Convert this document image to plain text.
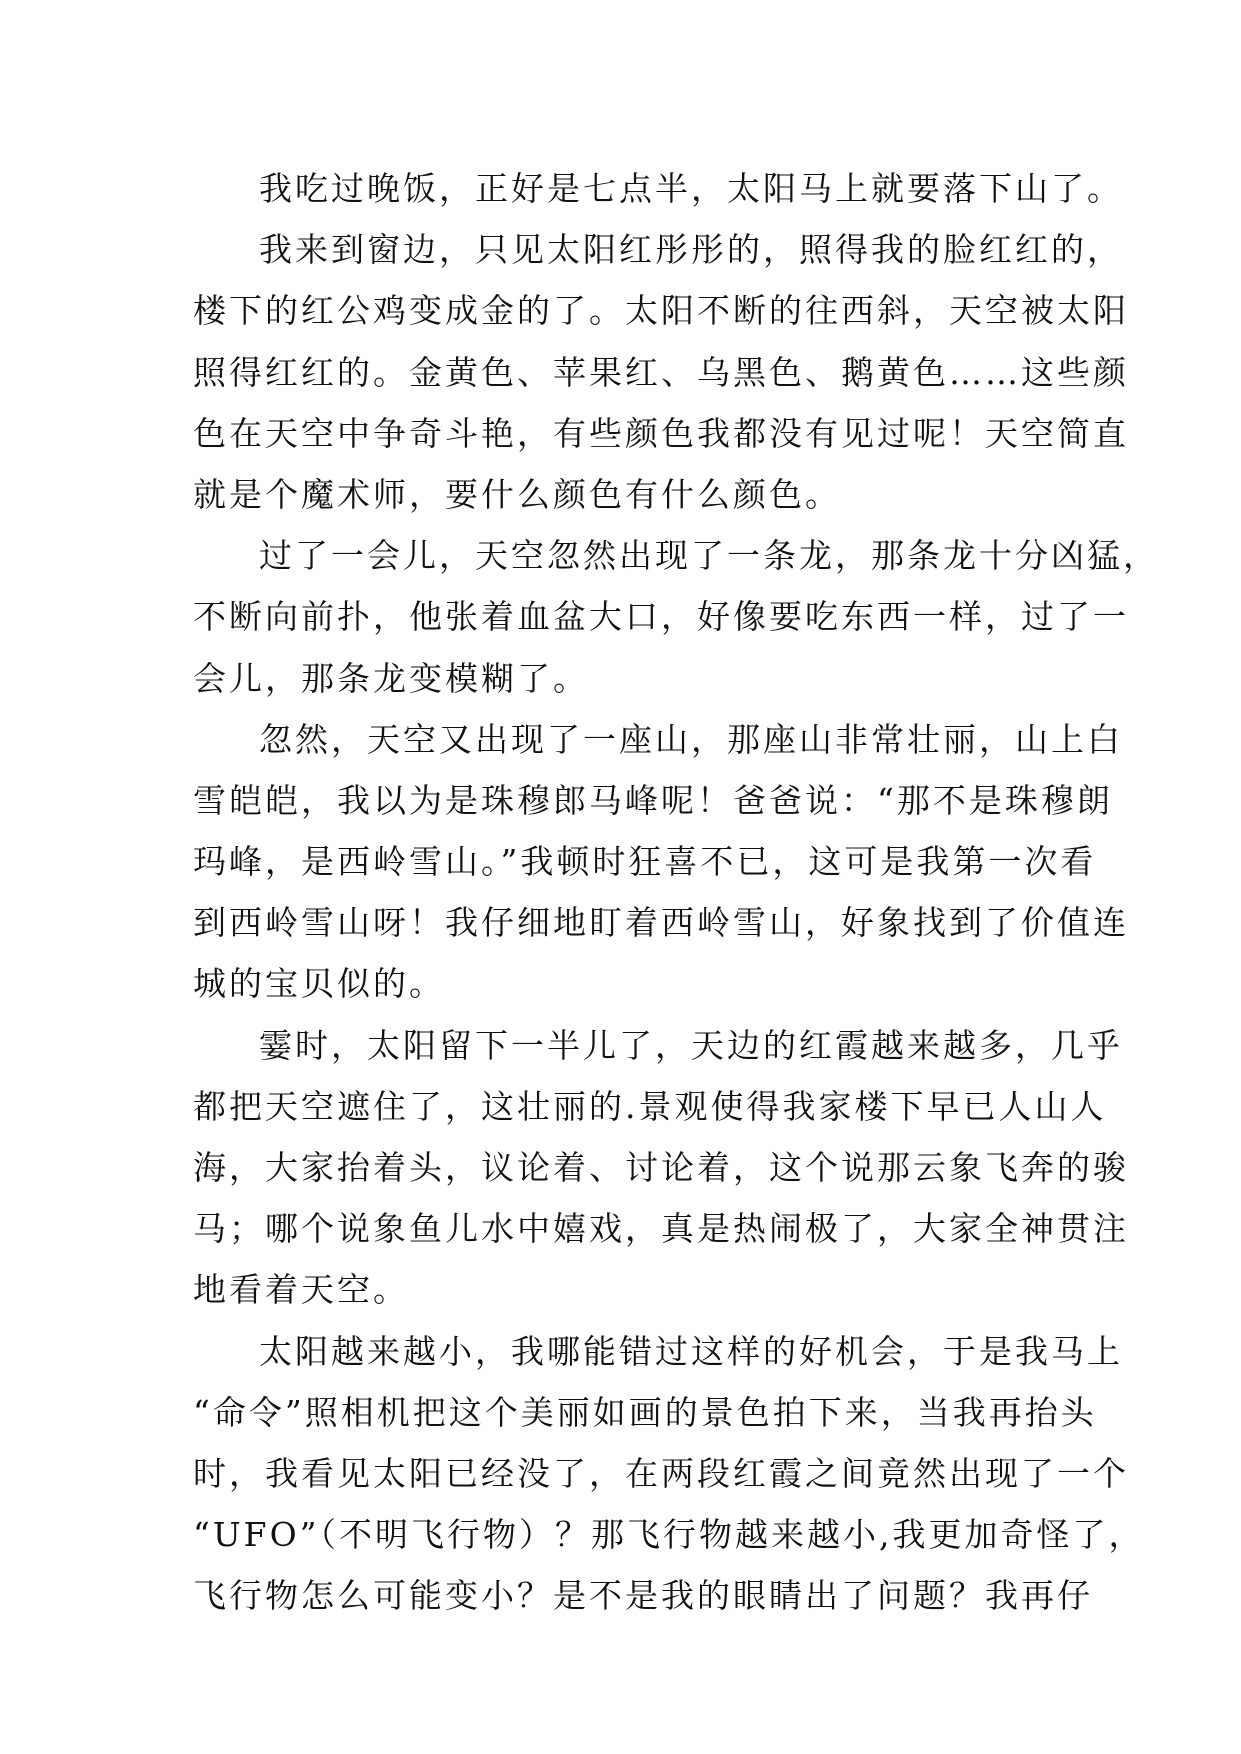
我吃过晚饭，正好是七点半，太阳马上就要落下山了。
我来到窗边，只见太阳红彤彤的，照得我的脸红红的，
楼下的红公鸡变成金的了。太阳不断的往西斜，天空被太阳
照得红红的。金黄色、苹果红、乌黑色、鹅黄色……这些颜
色在天空中争奇斗艳，有些颜色我都没有见过呢！天空简直
就是个魔术师，要什么颜色有什么颜色。
过了一会儿，天空忽然出现了一条龙，那条龙十分凶猛，
不断向前扑，他张着血盆大口，好像要吃东西一样，过了一
会儿，那条龙变模糊了。
忽然，天空又出现了一座山，那座山非常壮丽，山上白
雪皑皑，我以为是珠穆郎马峰呢！爸爸说：“那不是珠穆朗
玛峰，是西岭雪山。”我顿时狂喜不已，这可是我第一次看
到西岭雪山呀！我仔细地盯着西岭雪山，好象找到了价值连
城的宝贝似的。
霎时，太阳留下一半儿了，天边的红霞越来越多，几乎
都把天空遮住了，这壮丽的.景观使得我家楼下早已人山人
海，大家抬着头，议论着、讨论着，这个说那云象飞奔的骏
马；哪个说象鱼儿水中嬉戏，真是热闹极了，大家全神贯注
地看着天空。
太阳越来越小，我哪能错过这样的好机会，于是我马上
“命令”照相机把这个美丽如画的景色拍下来，当我再抬头
时，我看见太阳已经没了，在两段红霞之间竟然出现了一个
“UFO”（不明飞行物）？那飞行物越来越小,我更加奇怪了，
飞行物怎么可能变小？是不是我的眼睛出了问题？我再仔
